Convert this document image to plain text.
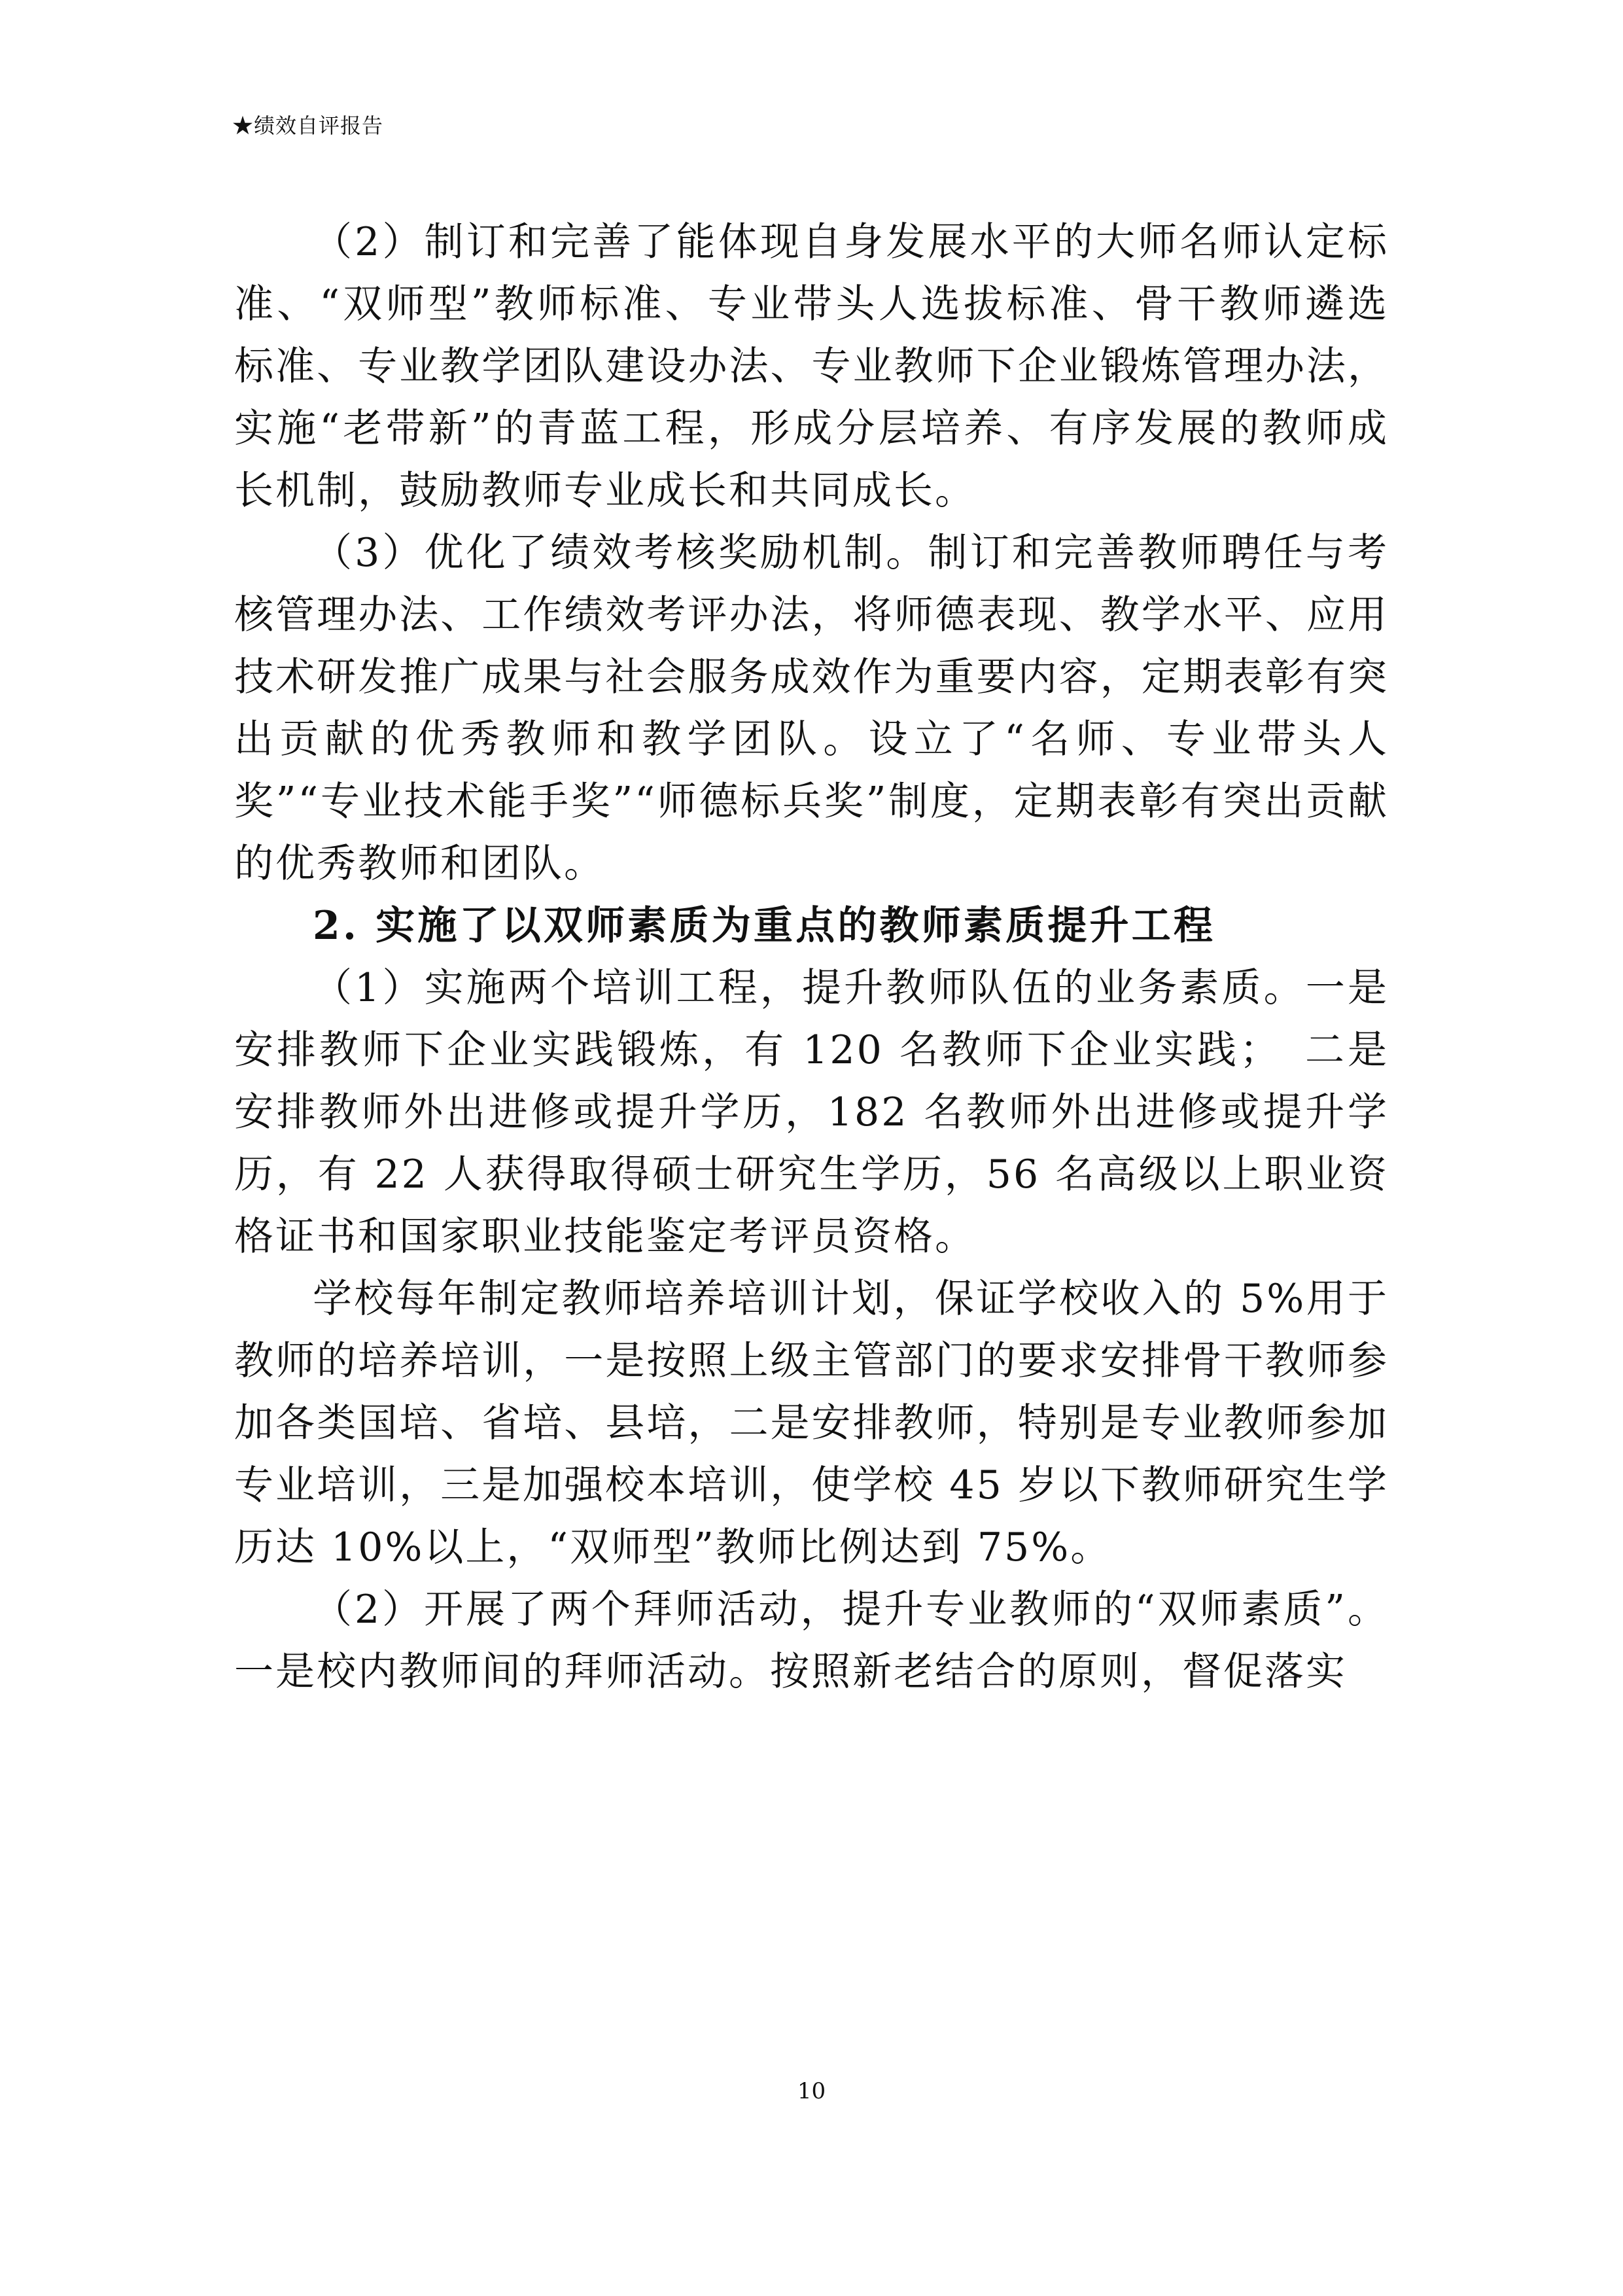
★绩效自评报告

（2）制订和完善了能体现自身发展水平的大师名师认定标准、“双师型”教师标准、专业带头人选拔标准、骨干教师遴选标准、专业教学团队建设办法、专业教师下企业锻炼管理办法，实施“老带新”的青蓝工程，形成分层培养、有序发展的教师成长机制，鼓励教师专业成长和共同成长。

（3）优化了绩效考核奖励机制。制订和完善教师聘任与考核管理办法、工作绩效考评办法，将师德表现、教学水平、应用技术研发推广成果与社会服务成效作为重要内容，定期表彰有突出贡献的优秀教师和教学团队。设立了“名师、专业带头人奖”“专业技术能手奖”“师德标兵奖”制度，定期表彰有突出贡献的优秀教师和团队。

2. 实施了以双师素质为重点的教师素质提升工程

（1）实施两个培训工程，提升教师队伍的业务素质。一是安排教师下企业实践锻炼，有 120 名教师下企业实践；　二是安排教师外出进修或提升学历，182 名教师外出进修或提升学历，有 22 人获得取得硕士研究生学历，56 名高级以上职业资格证书和国家职业技能鉴定考评员资格。

学校每年制定教师培养培训计划，保证学校收入的 5%用于教师的培养培训，一是按照上级主管部门的要求安排骨干教师参加各类国培、省培、县培，二是安排教师，特别是专业教师参加专业培训，三是加强校本培训，使学校 45 岁以下教师研究生学历达 10%以上，“双师型”教师比例达到 75%。

（2）开展了两个拜师活动，提升专业教师的“双师素质”。一是校内教师间的拜师活动。按照新老结合的原则，督促落实

10
